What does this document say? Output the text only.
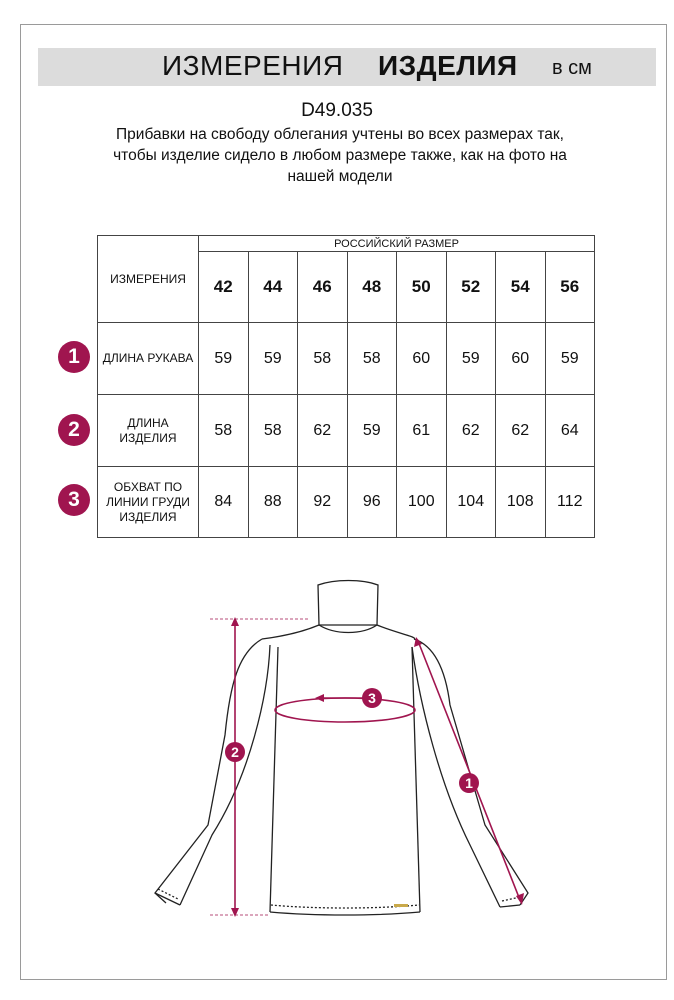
ИЗМЕРЕНИЯ ИЗДЕЛИЯ в см
D49.035
Прибавки на свободу облегания учтены во всех размерах так, чтобы изделие сидело в любом размере также, как на фото на нашей модели
ИЗМЕРЕНИЯ	РОССИЙСКИЙ РАЗМЕР							
	42	44	46	48	50	52	54	56
ДЛИНА РУКАВА	59	59	58	58	60	59	60	59
ДЛИНА ИЗДЕЛИЯ	58	58	62	59	61	62	62	64
ОБХВАТ ПО ЛИНИИ ГРУДИ ИЗДЕЛИЯ	84	88	92	96	100	104	108	112
1
2
3
2
3
1
